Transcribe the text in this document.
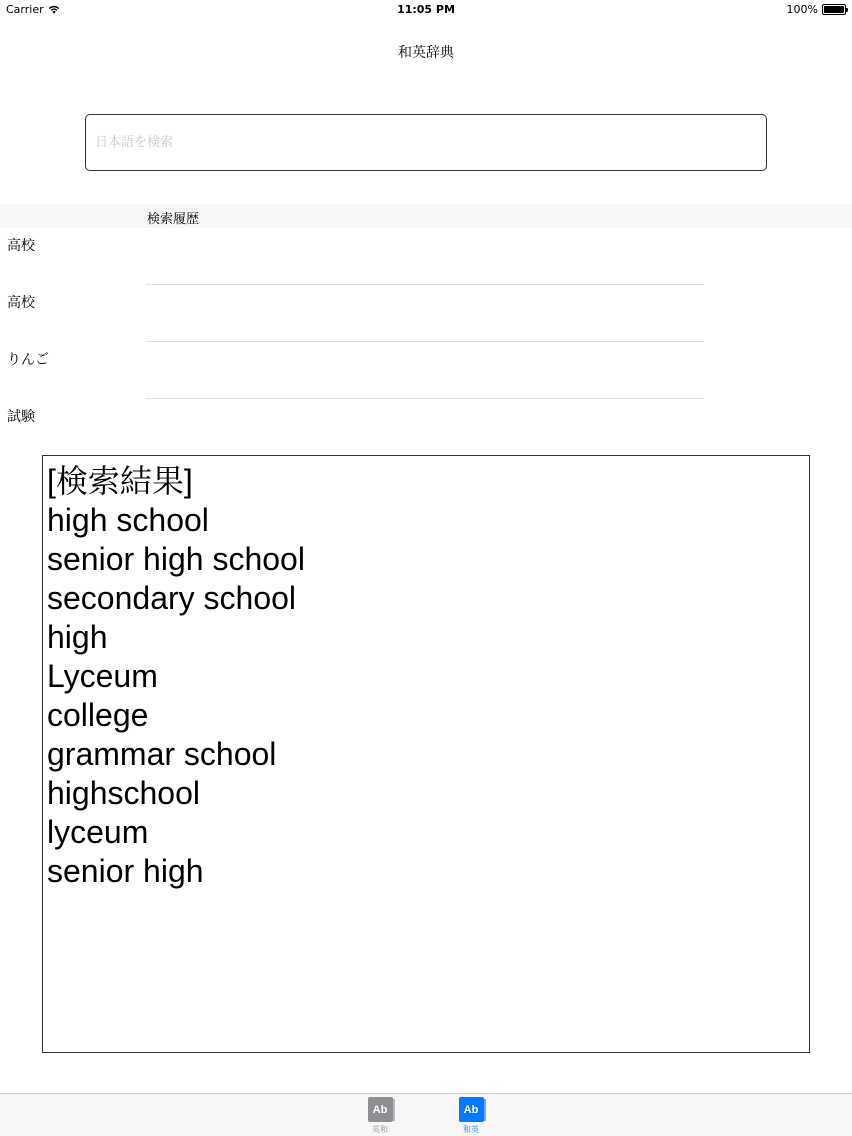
Carrier	11:05 PM	100%
和英辞典
日本語を検索
検索履歴
高校
高校
りんご
試験
[検索結果]
high school
senior high school
secondary school
high
Lyceum
college
grammar school
highschool
lyceum
senior high
Ab
英和
Ab
和英
